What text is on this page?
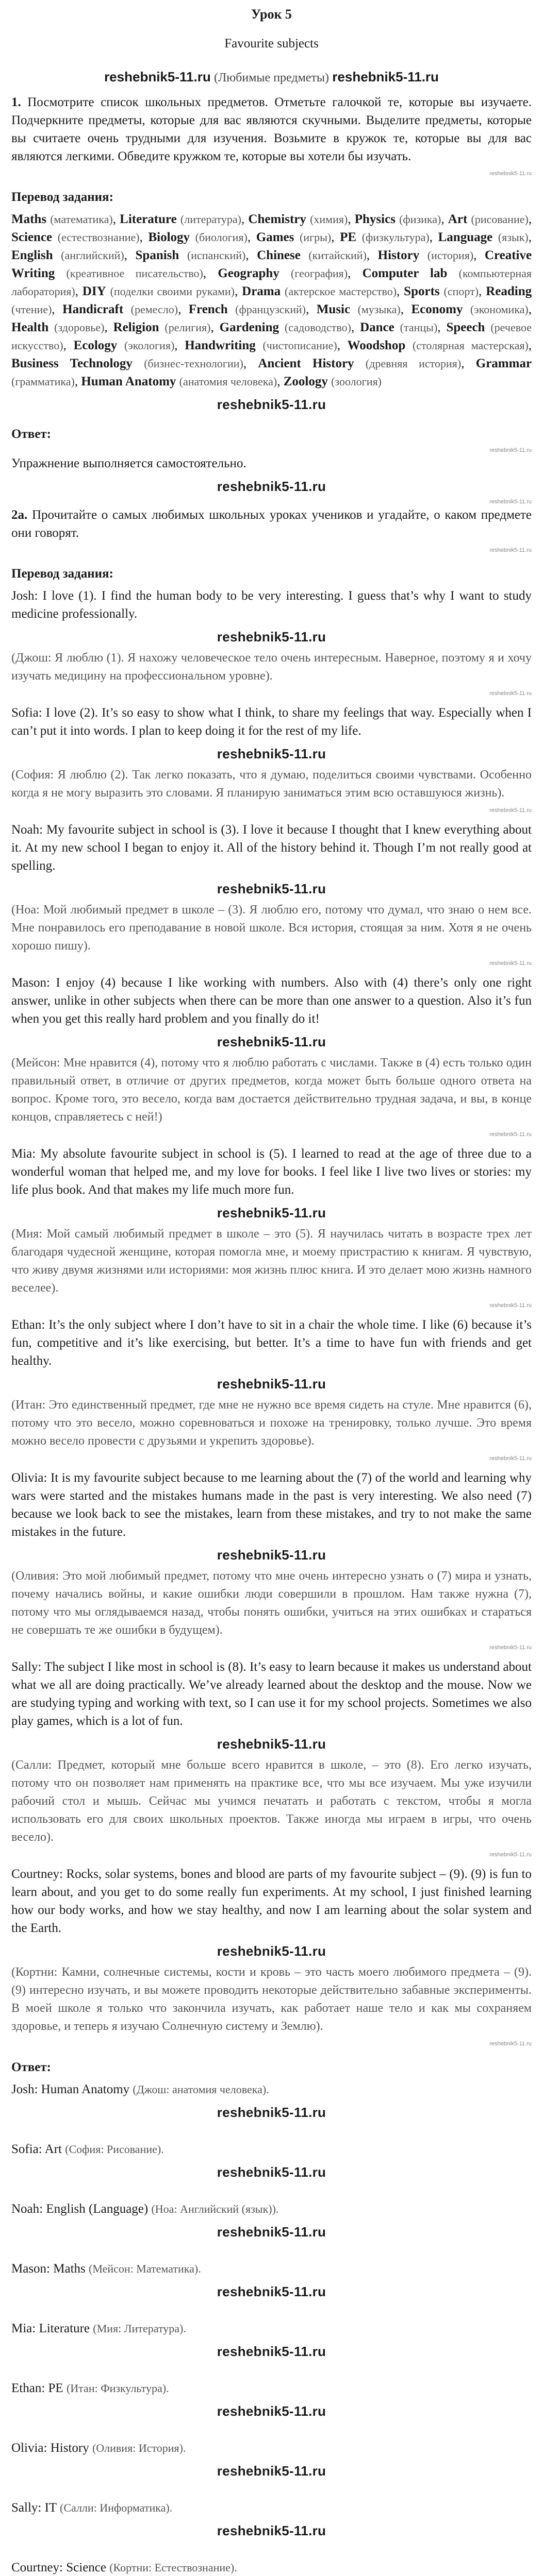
Урок 5
Favourite subjects
reshebnik5-11.ru (Любимые предметы) reshebnik5-11.ru
1. Посмотрите список школьных предметов. Отметьте галочкой те, которые вы изучаете. Подчеркните предметы, которые для вас являются скучными. Выделите предметы, которые вы считаете очень трудными для изучения. Возьмите в кружок те, которые вы для вас являются легкими. Обведите кружком те, которые вы хотели бы изучать.
reshebnik5-11.ru
Перевод задания:
Maths (математика), Literature (литература), Chemistry (химия), Physics (физика), Art (рисование), Science (естествознание), Biology (биология), Games (игры), PE (физкультура), Language (язык), English (английский), Spanish (испанский), Chinese (китайский), History (история), Creative Writing (креативное писательство), Geography (география), Computer lab (компьютерная лаборатория), DIY (поделки своими руками), Drama (актерское мастерство), Sports (спорт), Reading (чтение), Handicraft (ремесло), French (французский), Music (музыка), Economy (экономика), Health (здоровье), Religion (религия), Gardening (садоводство), Dance (танцы), Speech (речевое искусство), Ecology (экология), Handwriting (чистописание), Woodshop (столярная мастерская), Business Technology (бизнес-технологии), Ancient History (древняя история), Grammar (грамматика), Human Anatomy (анатомия человека), Zoology (зоология)
reshebnik5-11.ru
Ответ:
reshebnik5-11.ru
Упражнение выполняется самостоятельно.
reshebnik5-11.ru
reshebnik5-11.ru
2a. Прочитайте о самых любимых школьных уроках учеников и угадайте, о каком предмете они говорят.
reshebnik5-11.ru
Перевод задания:
Josh: I love (1). I find the human body to be very interesting. I guess that’s why I want to study medicine professionally.
reshebnik5-11.ru
(Джош: Я люблю (1). Я нахожу человеческое тело очень интересным. Наверное, поэтому я и хочу изучать медицину на профессиональном уровне).
reshebnik5-11.ru
Sofia: I love (2). It’s so easy to show what I think, to share my feelings that way. Especially when I can’t put it into words. I plan to keep doing it for the rest of my life.
reshebnik5-11.ru
(София: Я люблю (2). Так легко показать, что я думаю, поделиться своими чувствами. Особенно когда я не могу выразить это словами. Я планирую заниматься этим всю оставшуюся жизнь).
reshebnik5-11.ru
Noah: My favourite subject in school is (3). I love it because I thought that I knew everything about it. At my new school I began to enjoy it. All of the history behind it. Though I’m not really good at spelling.
reshebnik5-11.ru
(Ноа: Мой любимый предмет в школе – (3). Я люблю его, потому что думал, что знаю о нем все. Мне понравилось его преподавание в новой школе. Вся история, стоящая за ним. Хотя я не очень хорошо пишу).
reshebnik5-11.ru
Mason: I enjoy (4) because I like working with numbers. Also with (4) there’s only one right answer, unlike in other subjects when there can be more than one answer to a question. Also it’s fun when you get this really hard problem and you finally do it!
reshebnik5-11.ru
(Мейсон: Мне нравится (4), потому что я люблю работать с числами. Также в (4) есть только один правильный ответ, в отличие от других предметов, когда может быть больше одного ответа на вопрос. Кроме того, это весело, когда вам достается действительно трудная задача, и вы, в конце концов, справляетесь с ней!)
reshebnik5-11.ru
Mia: My absolute favourite subject in school is (5). I learned to read at the age of three due to a wonderful woman that helped me, and my love for books. I feel like I live two lives or stories: my life plus book. And that makes my life much more fun.
reshebnik5-11.ru
(Мия: Мой самый любимый предмет в школе – это (5). Я научилась читать в возрасте трех лет благодаря чудесной женщине, которая помогла мне, и моему пристрастию к книгам. Я чувствую, что живу двумя жизнями или историями: моя жизнь плюс книга. И это делает мою жизнь намного веселее).
reshebnik5-11.ru
Ethan: It’s the only subject where I don’t have to sit in a chair the whole time. I like (6) because it’s fun, competitive and it’s like exercising, but better. It’s a time to have fun with friends and get healthy.
reshebnik5-11.ru
(Итан: Это единственный предмет, где мне не нужно все время сидеть на стуле. Мне нравится (6), потому что это весело, можно соревноваться и похоже на тренировку, только лучше. Это время можно весело провести с друзьями и укрепить здоровье).
reshebnik5-11.ru
Olivia: It is my favourite subject because to me learning about the (7) of the world and learning why wars were started and the mistakes humans made in the past is very interesting. We also need (7) because we look back to see the mistakes, learn from these mistakes, and try to not make the same mistakes in the future.
reshebnik5-11.ru
(Оливия: Это мой любимый предмет, потому что мне очень интересно узнать о (7) мира и узнать, почему начались войны, и какие ошибки люди совершили в прошлом. Нам также нужна (7), потому что мы оглядываемся назад, чтобы понять ошибки, учиться на этих ошибках и стараться не совершать те же ошибки в будущем).
reshebnik5-11.ru
Sally: The subject I like most in school is (8). It’s easy to learn because it makes us understand about what we all are doing practically. We’ve already learned about the desktop and the mouse. Now we are studying typing and working with text, so I can use it for my school projects. Sometimes we also play games, which is a lot of fun.
reshebnik5-11.ru
(Салли: Предмет, который мне больше всего нравится в школе, – это (8). Его легко изучать, потому что он позволяет нам применять на практике все, что мы все изучаем. Мы уже изучили рабочий стол и мышь. Сейчас мы учимся печатать и работать с текстом, чтобы я могла использовать его для своих школьных проектов. Также иногда мы играем в игры, что очень весело).
reshebnik5-11.ru
Courtney: Rocks, solar systems, bones and blood are parts of my favourite subject – (9). (9) is fun to learn about, and you get to do some really fun experiments. At my school, I just finished learning how our body works, and how we stay healthy, and now I am learning about the solar system and the Earth.
reshebnik5-11.ru
(Кортни: Камни, солнечные системы, кости и кровь – это часть моего любимого предмета – (9). (9) интересно изучать, и вы можете проводить некоторые действительно забавные эксперименты. В моей школе я только что закончила изучать, как работает наше тело и как мы сохраняем здоровье, и теперь я изучаю Солнечную систему и Землю).
reshebnik5-11.ru
Ответ:
Josh: Human Anatomy (Джош: анатомия человека).
reshebnik5-11.ru
Sofia: Art (София: Рисование).
reshebnik5-11.ru
Noah: English (Language) (Ноа: Английский (язык)).
reshebnik5-11.ru
Mason: Maths (Мейсон: Математика).
reshebnik5-11.ru
Mia: Literature (Мия: Литература).
reshebnik5-11.ru
Ethan: PE (Итан: Физкультура).
reshebnik5-11.ru
Olivia: History (Оливия: История).
reshebnik5-11.ru
Sally: IT (Салли: Информатика).
reshebnik5-11.ru
Courtney: Science (Кортни: Естествознание).
